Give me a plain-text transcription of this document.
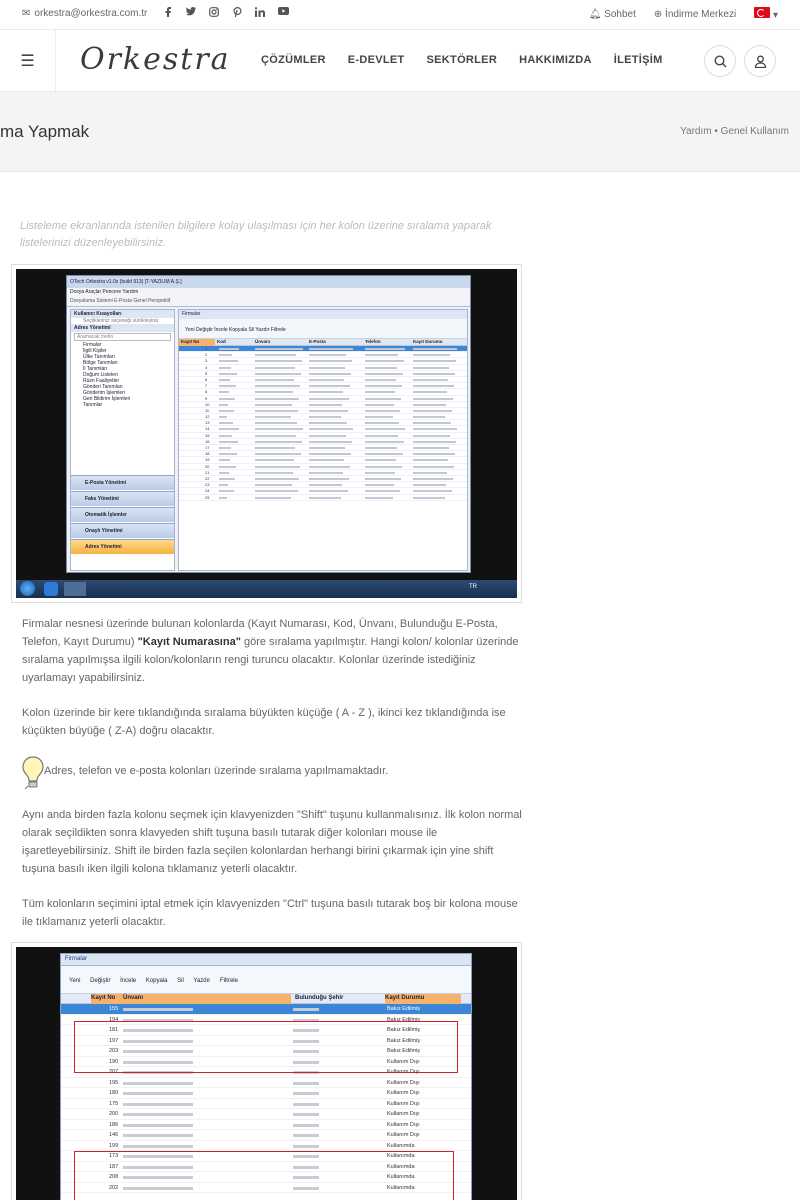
✉ orkestra@orkestra.com.tr	🔔︎ Sohbet ⊕ İndirme Merkezi	▾
☰ Orkestra	ÇÖZÜMLER E-DEVLET SEKTÖRLER HAKKIMIZDA İLETİŞİM
ma Yapmak	Yardım • Genel Kullanım

Listeleme ekranlarında istenilen bilgilere kolay ulaşılması için her kolon üzerine sıralama yaparak listelerinizi düzenleyebilirsiniz.

OTech Orkestra v1.0x (build 913) [T-YAZILIM A.Ş.]
Dosya Araçlar Pencere Yardım
Dosyalama Sistemi E-Posta Genel Perspektif
Kullanıcı Kısayolları
Seçtikleriniz seçeneği sürükleyiniz
Adres Yönetimi
Aramacak metin
Firmalar
İlgili Kişiler
Ülke Tanımları
Bölge Tanımları
İl Tanımları
Doğum Listeleri
Rüzn Faaliyetler
Gönderi Tanımları
Gönderim İşlemleri
Geri Bildirim İşlemleri
Tanımlar
E-Posta Yönetimi
Faks Yönetimi
Otomatik İşlemler
Onaylı Yönetimi
Adres Yönetimi
Firmalar
Yeni Değiştir İncele Kopyala Sil Yazdır Filtrele
Kayıt No	Kod	Ünvanı	E-Posta	Telefon	Kayıt Durumu
1
2
3
4
5
6
7
8
9
10
11
12
13
14
15
16
17
18
19
20
21
22
23
24
25
TR

Firmalar nesnesi üzerinde bulunan kolonlarda (Kayıt Numarası, Kod, Ünvanı, Bulunduğu E-Posta, Telefon, Kayıt Durumu) "Kayıt Numarasına" göre sıralama yapılmıştır. Hangi kolon/ kolonlar üzerinde sıralama yapılmışsa ilgili kolon/kolonların rengi turuncu olacaktır. Kolonlar üzerinde istediğiniz uyarlamayı yapabilirsiniz.

Kolon üzerinde bir kere tıklandığında sıralama büyükten küçüğe ( A - Z ), ikinci kez tıklandığında ise küçükten büyüğe ( Z-A) doğru olacaktır.

Adres, telefon ve e-posta kolonları üzerinde sıralama yapılmamaktadır.

Aynı anda birden fazla kolonu seçmek için klavyenizden "Shift" tuşunu kullanmalısınız. İlk kolon normal olarak seçildikten sonra klavyeden shift tuşuna basılı tutarak diğer kolonları mouse ile işaretleyebilirsiniz. Shift ile birden fazla seçilen kolonlardan herhangi birini çıkarmak için yine shift tuşuna basılı iken ilgili kolona tıklamanız yeterli olacaktır.

Tüm kolonların seçimini iptal etmek için klavyenizden "Ctrl" tuşuna basılı tutarak boş bir kolona mouse ile tıklamanız yeterli olacaktır.

Firmalar
Yeni Değiştir İncele Kopyala Sil Yazdır Filtrele
Kayıt No	Ünvanı	Bulunduğu Şehir	Kayıt Durumu
155	Bakız Edilmiş
194	Bakız Edilmiş
181	Bakız Edilmiş
197	Bakız Edilmiş
203	Bakız Edilmiş
190	Kullanım Dışı
207	Kullanım Dışı
195	Kullanım Dışı
180	Kullanım Dışı
175	Kullanım Dışı
200	Kullanım Dışı
186	Kullanım Dışı
146	Kullanım Dışı
199	Kullanımda
173	Kullanımda
187	Kullanımda
208	Kullanımda
202	Kullanımda
